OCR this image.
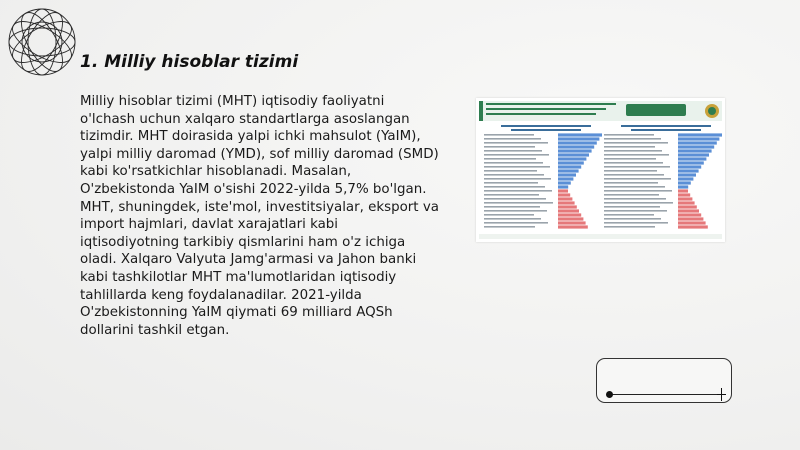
1. Milliy hisoblar tizimi

Milliy hisoblar tizimi (MHT) iqtisodiy faoliyatni o'lchash uchun xalqaro standartlarga asoslangan tizimdir. MHT doirasida yalpi ichki mahsulot (YaIM), yalpi milliy daromad (YMD), sof milliy daromad (SMD) kabi ko'rsatkichlar hisoblanadi. Masalan, O'zbekistonda YaIM o'sishi 2022-yilda 5,7% bo'lgan. MHT, shuningdek, iste'mol, investitsiyalar, eksport va import hajmlari, davlat xarajatlari kabi iqtisodiyotning tarkibiy qismlarini ham o'z ichiga oladi. Xalqaro Valyuta Jamg'armasi va Jahon banki kabi tashkilotlar MHT ma'lumotlaridan iqtisodiy tahlillarda keng foydalanadilar. 2021-yilda O'zbekistonning YaIM qiymati 69 milliard AQSh dollarini tashkil etgan.
